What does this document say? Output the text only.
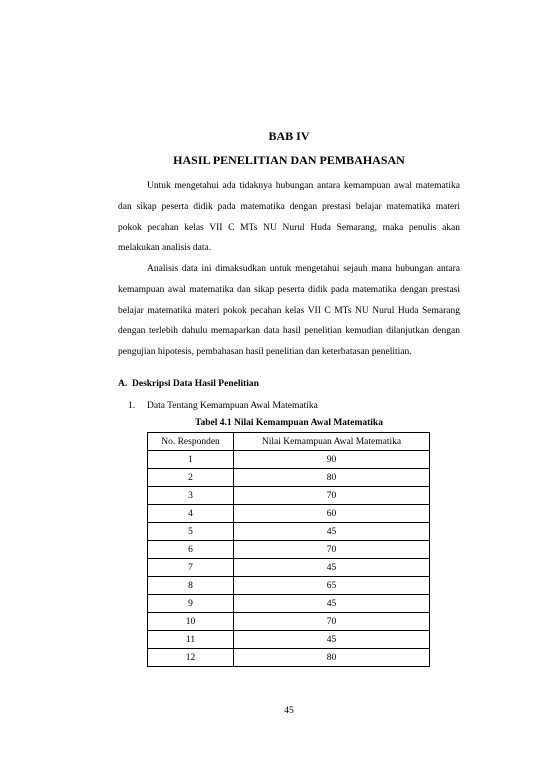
BAB IV
HASIL PENELITIAN DAN PEMBAHASAN

Untuk mengetahui ada tidaknya hubungan antara kemampuan awal matematika dan sikap peserta didik pada matematika dengan prestasi belajar matematika materi pokok pecahan kelas VII C MTs NU Nurul Huda Semarang, maka penulis akan melakukan analisis data.

Analisis data ini dimaksudkan untuk mengetahui sejauh mana hubungan antara kemampuan awal matematika dan sikap peserta didik pada matematika dengan prestasi belajar matematika materi pokok pecahan kelas VII C MTs NU Nurul Huda Semarang dengan terlebih dahulu memaparkan data hasil penelitian kemudian dilanjutkan dengan pengujian hipotesis, pembahasan hasil penelitian dan keterbatasan penelitian.

A. Deskripsi Data Hasil Penelitian
1. Data Tentang Kemampuan Awal Matematika
Tabel 4.1 Nilai Kemampuan Awal Matematika
No. Responden	Nilai Kemampuan Awal Matematika
1	90
2	80
3	70
4	60
5	45
6	70
7	45
8	65
9	45
10	70
11	45
12	80
45
